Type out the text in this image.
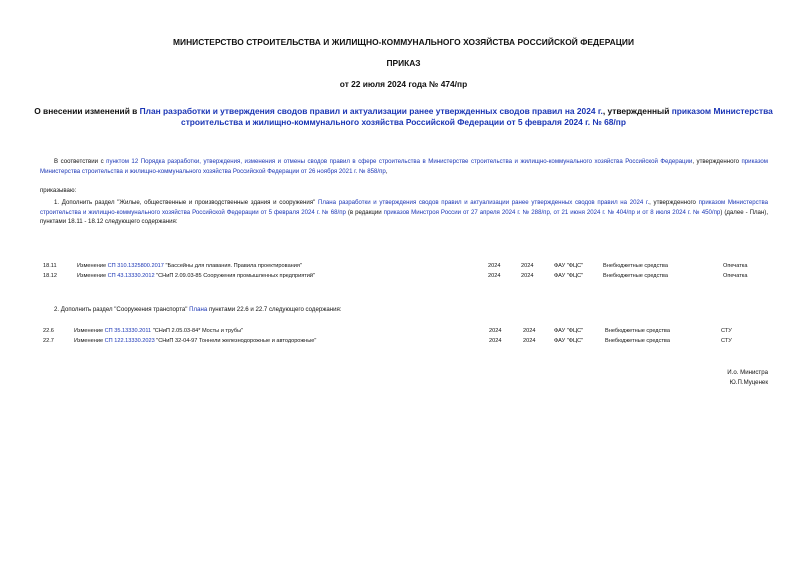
МИНИСТЕРСТВО СТРОИТЕЛЬСТВА И ЖИЛИЩНО-КОММУНАЛЬНОГО ХОЗЯЙСТВА РОССИЙСКОЙ ФЕДЕРАЦИИ
ПРИКАЗ
от 22 июля 2024 года № 474/пр
О внесении изменений в План разработки и утверждения сводов правил и актуализации ранее утвержденных сводов правил на 2024 г., утвержденный приказом Министерства строительства и жилищно-коммунального хозяйства Российской Федерации от 5 февраля 2024 г. № 68/пр
В соответствии с пунктом 12 Порядка разработки, утверждения, изменения и отмены сводов правил в сфере строительства в Министерстве строительства и жилищно-коммунального хозяйства Российской Федерации, утвержденного приказом Министерства строительства и жилищно-коммунального хозяйства Российской Федерации от 26 ноября 2021 г. № 858/пр,
приказываю:
1. Дополнить раздел "Жилые, общественные и производственные здания и сооружения" Плана разработки и утверждения сводов правил и актуализации ранее утвержденных сводов правил на 2024 г., утвержденного приказом Министерства строительства и жилищно-коммунального хозяйства Российской Федерации от 5 февраля 2024 г. № 68/пр (в редакции приказов Минстроя России от 27 апреля 2024 г. № 288/пр, от 21 июня 2024 г. № 404/пр и от 8 июля 2024 г. № 450/пр) (далее - План), пунктами 18.11 - 18.12 следующего содержания:
18.11	Изменение СП 310.1325800.2017 "Бассейны для плавания. Правила проектирования"	2024	2024	ФАУ "ФЦС"	Внебюджетные средства	Опечатка
18.12	Изменение СП 43.13330.2012 "СНиП 2.09.03-85 Сооружения промышленных предприятий"	2024	2024	ФАУ "ФЦС"	Внебюджетные средства	Опечатка
2. Дополнить раздел "Сооружения транспорта" Плана пунктами 22.6 и 22.7 следующего содержания:
22.6	Изменение СП 35.13330.2011 "СНиП 2.05.03-84* Мосты и трубы"	2024	2024	ФАУ "ФЦС"	Внебюджетные средства	СТУ
22.7	Изменение СП 122.13330.2023 "СНиП 32-04-97 Тоннели железнодорожные и автодорожные"	2024	2024	ФАУ "ФЦС"	Внебюджетные средства	СТУ
И.о. Министра
Ю.П.Муценек
